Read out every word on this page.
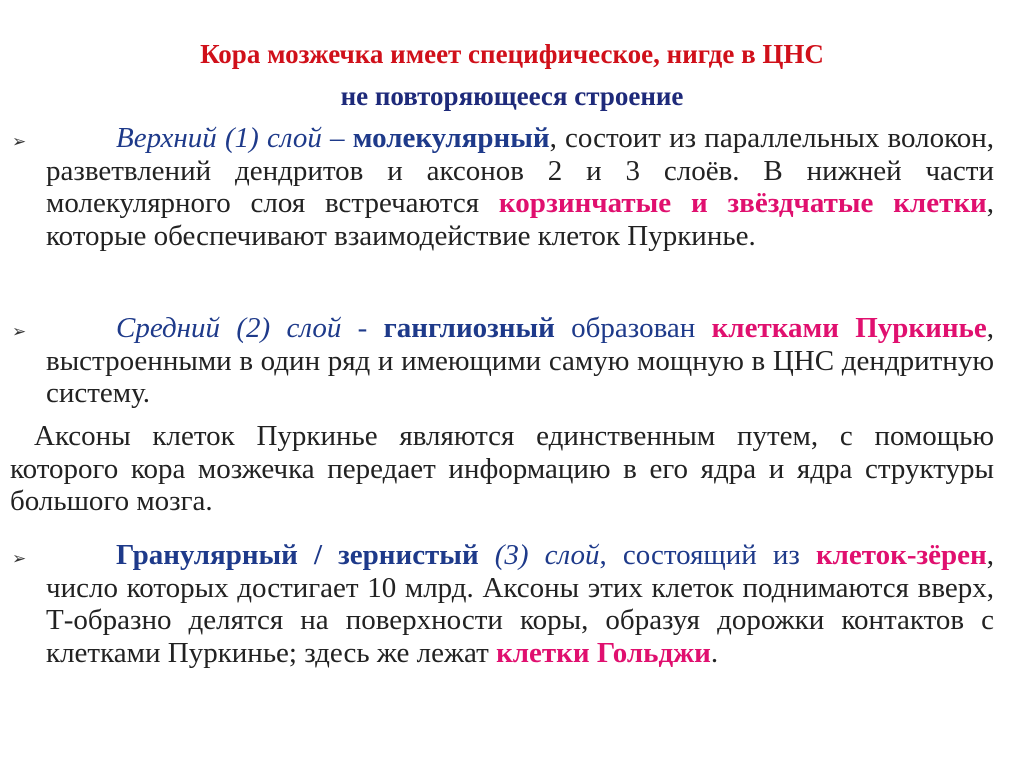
Кора мозжечка имеет специфическое, нигде в ЦНС
не повторяющееся строение
➢	Верхний (1) слой – молекулярный, состоит из параллельных волокон, разветвлений дендритов и аксонов 2 и 3 слоёв. В нижней части молекулярного слоя встречаются корзинчатые и звёздчатые клетки, которые обеспечивают взаимодействие клеток Пуркинье.
➢	Средний (2) слой - ганглиозный образован клетками Пуркинье, выстроенными в один ряд и имеющими самую мощную в ЦНС дендритную систему.
Аксоны клеток Пуркинье являются единственным путем, с помощью которого кора мозжечка передает информацию в его ядра и ядра структуры большого мозга.
➢	Гранулярный / зернистый (3) слой, состоящий из клеток-зёрен, число которых достигает 10 млрд. Аксоны этих клеток поднимаются вверх, Т-образно делятся на поверхности коры, образуя дорожки контактов с клетками Пуркинье; здесь же лежат клетки Гольджи.
